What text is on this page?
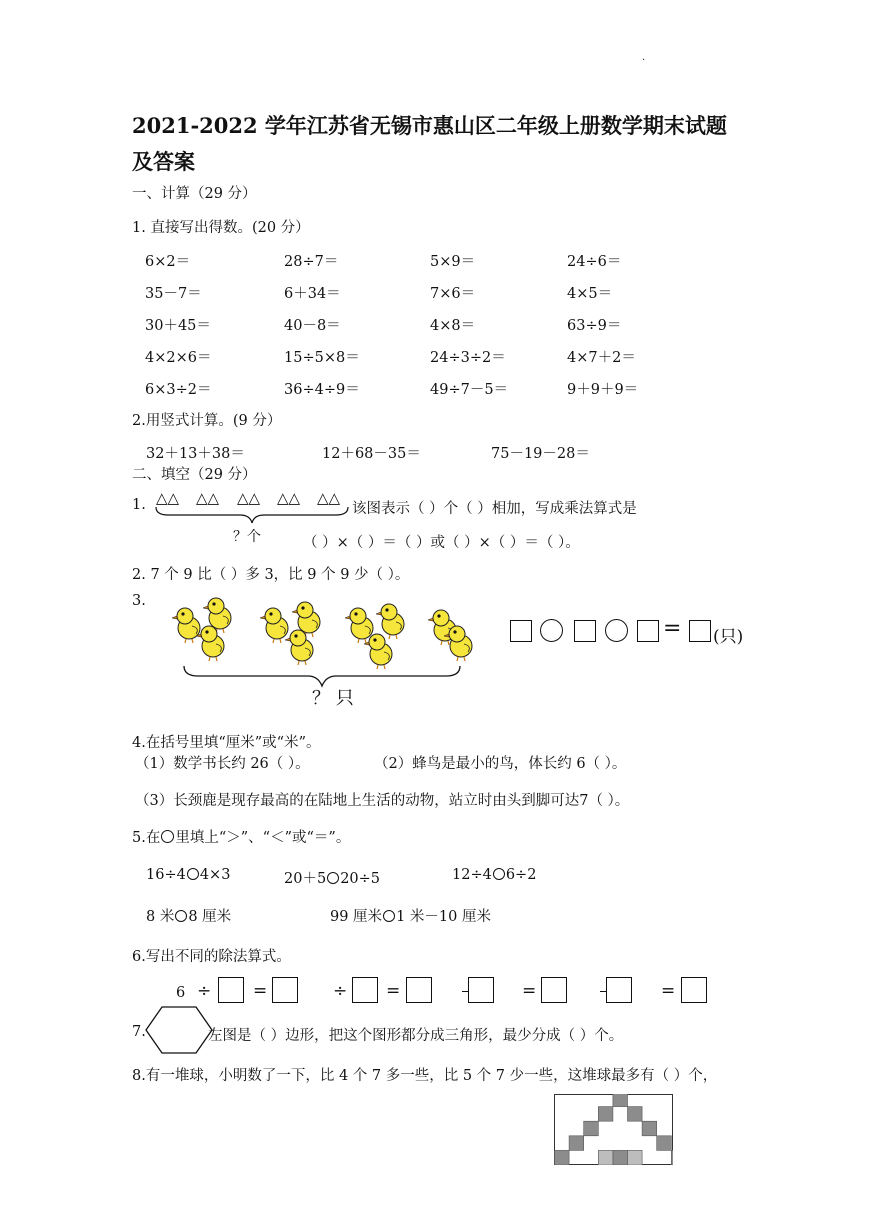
.
2021-2022 学年江苏省无锡市惠山区二年级上册数学期末试题
及答案
一、计算（29 分）
1. 直接写出得数。(20 分）
6×2＝	28÷7＝	5×9＝	24÷6＝
35－7＝	6＋34＝	7×6＝	4×5＝
30＋45＝	40－8＝	4×8＝	63÷9＝
4×2×6＝	15÷5×8＝	24÷3÷2＝	4×7＋2＝
6×3÷2＝	36÷4÷9＝	49÷7－5＝	9＋9＋9＝
2.用竖式计算。(9 分）
32＋13＋38＝	12＋68－35＝	75－19－28＝
二、填空（29 分）
1. △△ △△ △△ △△ △△
该图表示（ ）个（ ）相加，写成乘法算式是
？个	（ ）×（ ）＝（ ）或（ ）×（ ）＝（ ）。
2. 7 个 9 比（ ）多 3，比 9 个 9 少（ ）。
3.
？ 只
= (只)
4.在括号里填“厘米”或“米”。
（1）数学书长约 26（ ）。	（2）蜂鸟是最小的鸟，体长约 6（ ）。
（3）长颈鹿是现存最高的在陆地上生活的动物，站立时由头到脚可达7（ ）。
5.在 里填上“＞”、“＜”或“＝”。
16÷4 4×3	20＋5 20÷5	12÷4 6÷2
8 米 8 厘米	99 厘米 1 米－10 厘米
6.写出不同的除法算式。
6 ÷ =	÷ =	=	=
7.	左图是（ ）边形，把这个图形都分成三角形，最少分成（ ）个。
8.有一堆球，小明数了一下，比 4 个 7 多一些，比 5 个 7 少一些，这堆球最多有（ ）个，
